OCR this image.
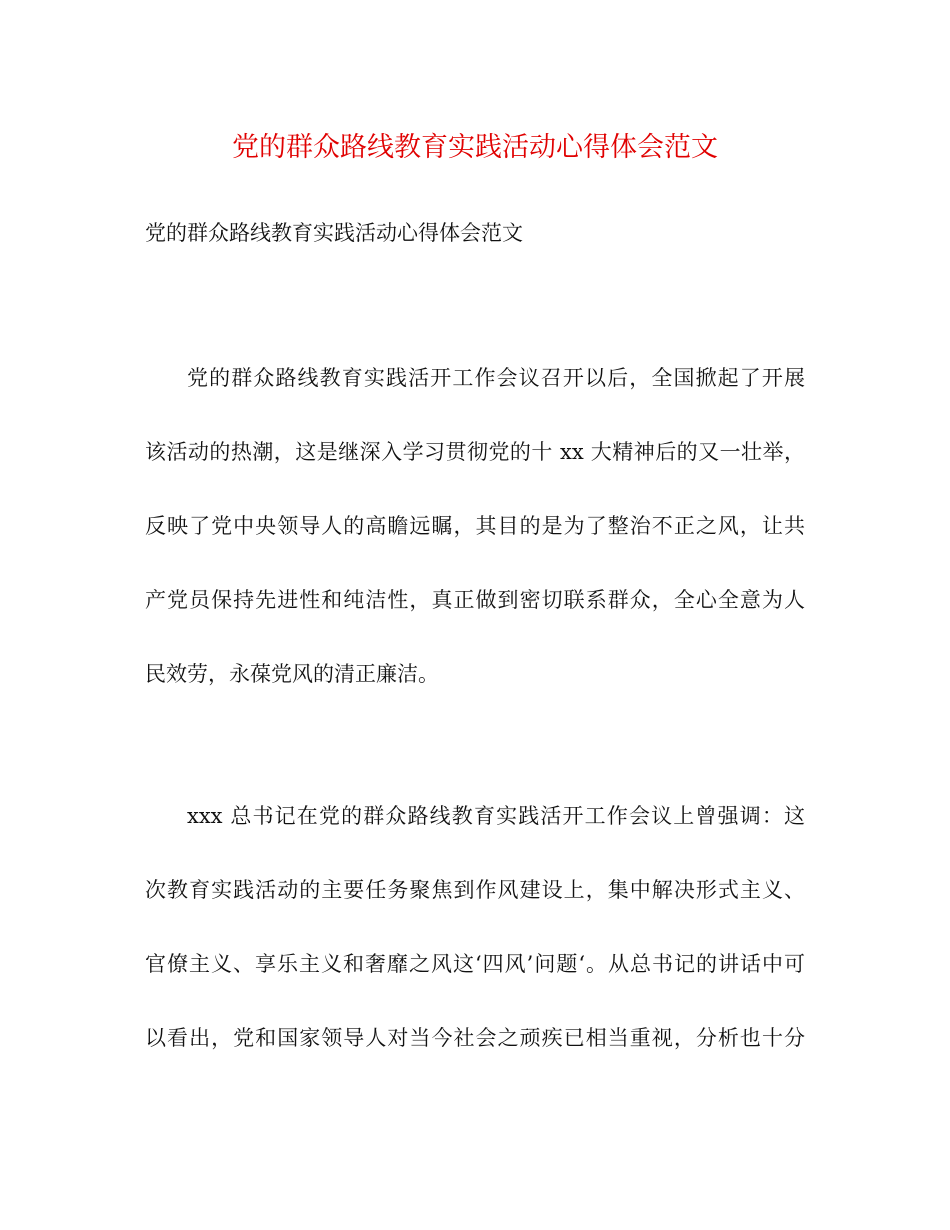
党的群众路线教育实践活动心得体会范文

党的群众路线教育实践活动心得体会范文

党的群众路线教育实践活开工作会议召开以后，全国掀起了开展
该活动的热潮，这是继深入学习贯彻党的十 xx 大精神后的又一壮举，
反映了党中央领导人的高瞻远瞩，其目的是为了整治不正之风，让共
产党员保持先进性和纯洁性，真正做到密切联系群众，全心全意为人
民效劳，永葆党风的清正廉洁。
xxx 总书记在党的群众路线教育实践活开工作会议上曾强调：这
次教育实践活动的主要任务聚焦到作风建设上，集中解决形式主义、
官僚主义、享乐主义和奢靡之风这‘四风’问题‘。从总书记的讲话中可
以看出，党和国家领导人对当今社会之顽疾已相当重视，分析也十分
